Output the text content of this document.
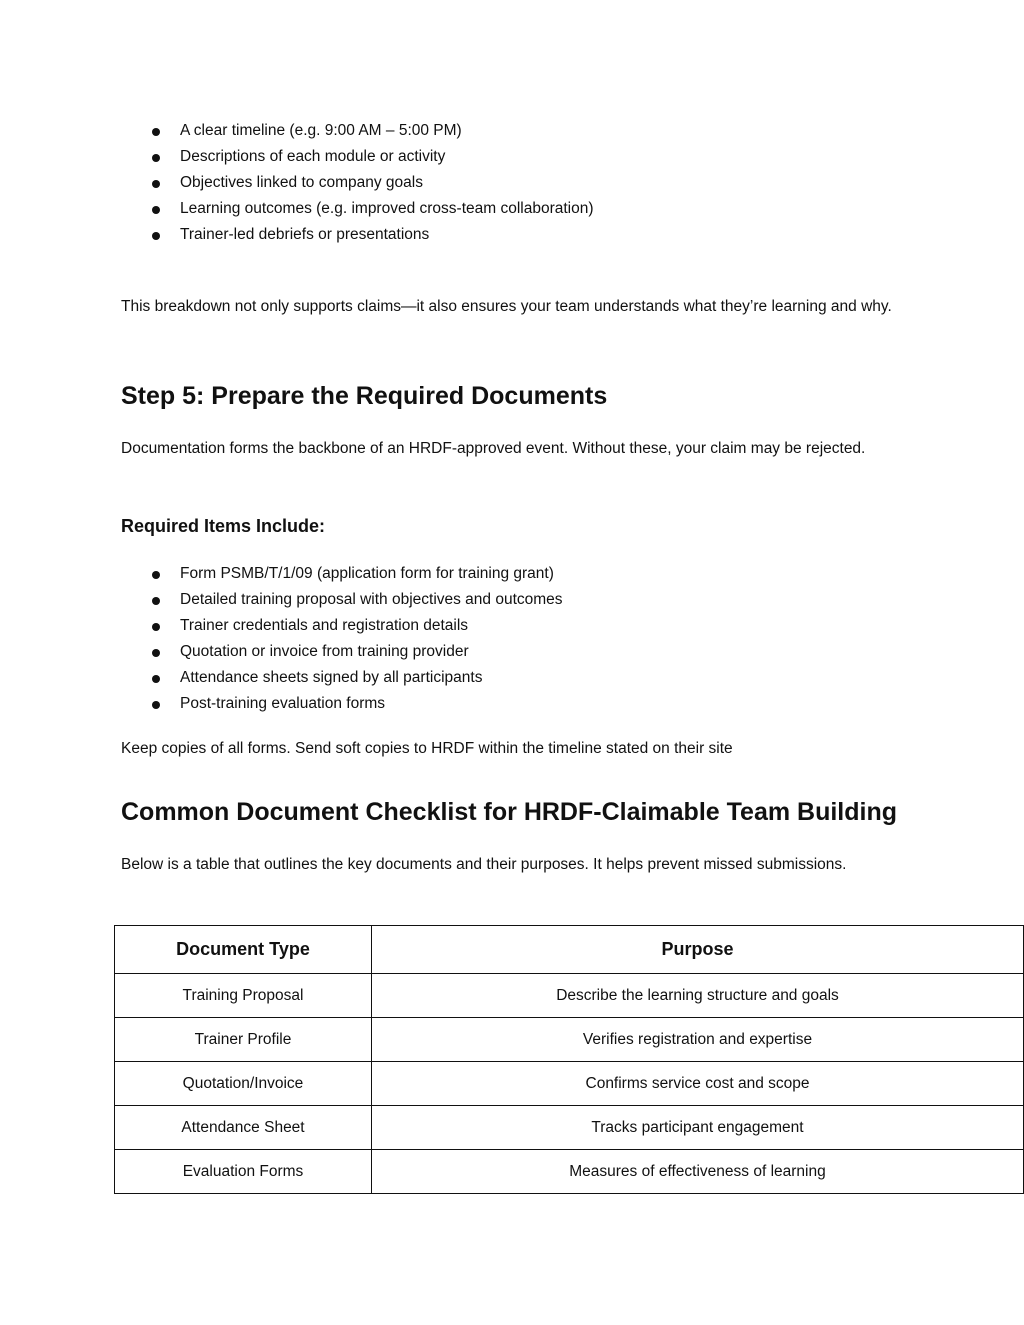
A clear timeline (e.g. 9:00 AM – 5:00 PM)
Descriptions of each module or activity
Objectives linked to company goals
Learning outcomes (e.g. improved cross-team collaboration)
Trainer-led debriefs or presentations

This breakdown not only supports claims—it also ensures your team understands what they’re learning and why.

Step 5: Prepare the Required Documents

Documentation forms the backbone of an HRDF-approved event. Without these, your claim may be rejected.

Required Items Include:
Form PSMB/T/1/09 (application form for training grant)
Detailed training proposal with objectives and outcomes
Trainer credentials and registration details
Quotation or invoice from training provider
Attendance sheets signed by all participants
Post-training evaluation forms

Keep copies of all forms. Send soft copies to HRDF within the timeline stated on their site

Common Document Checklist for HRDF-Claimable Team Building

Below is a table that outlines the key documents and their purposes. It helps prevent missed submissions.

Document Type	Purpose
Training Proposal	Describe the learning structure and goals
Trainer Profile	Verifies registration and expertise
Quotation/Invoice	Confirms service cost and scope
Attendance Sheet	Tracks participant engagement
Evaluation Forms	Measures of effectiveness of learning
